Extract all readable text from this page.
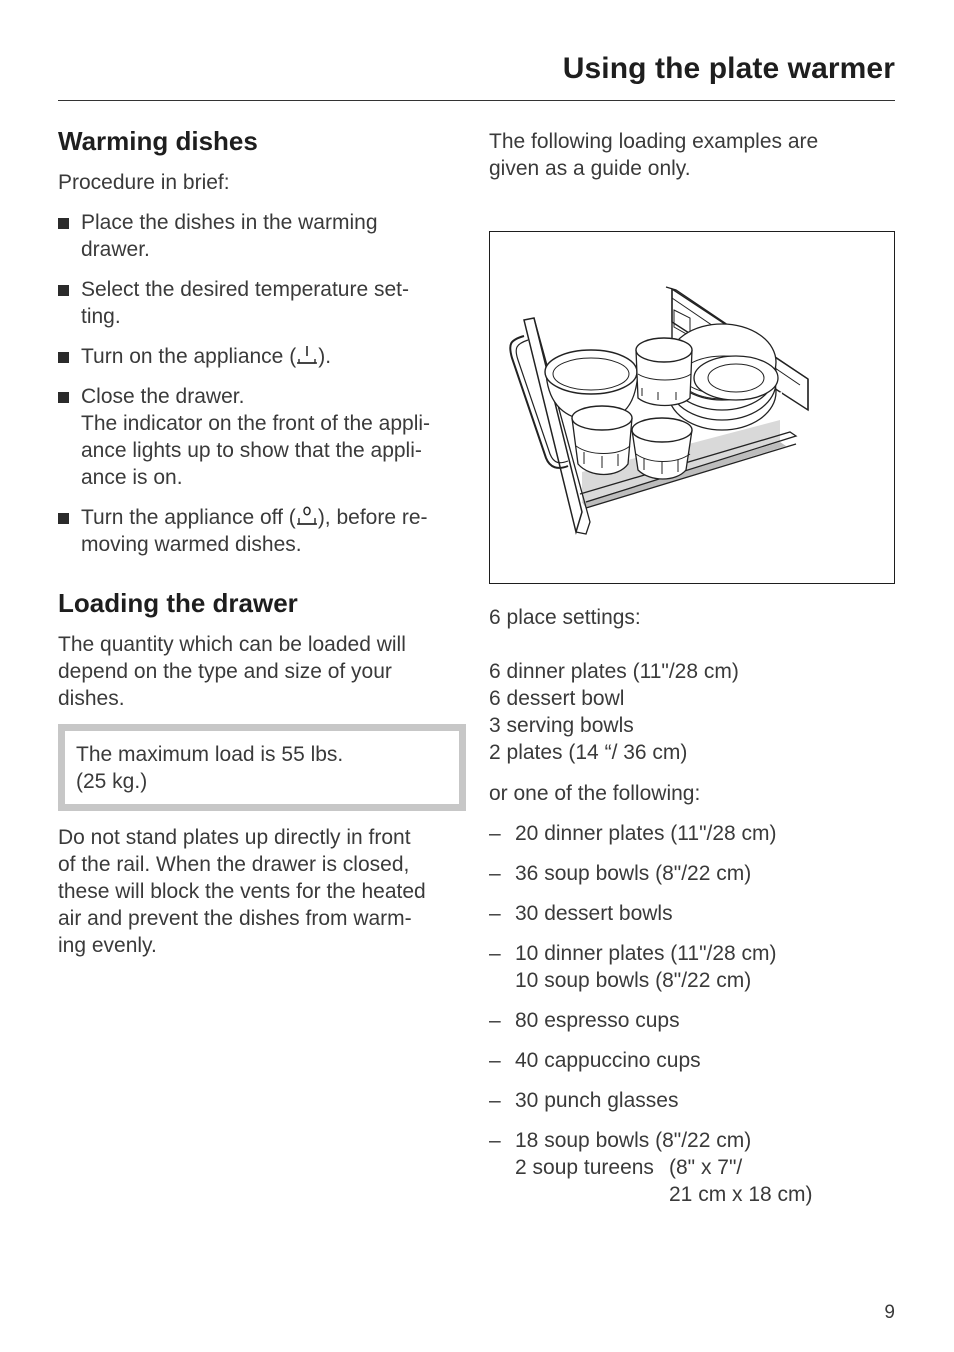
Using the plate warmer
Warming dishes
Procedure in brief:
Place the dishes in the warming
drawer.
Select the desired temperature set-
ting.
Turn on the appliance ( ).
Close the drawer.
The indicator on the front of the appli-
ance lights up to show that the appli-
ance is on.
Turn the appliance off ( ), before re-
moving warmed dishes.
Loading the drawer
The quantity which can be loaded will
depend on the type and size of your
dishes.
The maximum load is 55 lbs.
(25 kg.)
Do not stand plates up directly in front
of the rail. When the drawer is closed,
these will block the vents for the heated
air and prevent the dishes from warm-
ing evenly.
The following loading examples are
given as a guide only.
6 place settings:
6 dinner plates (11"/28 cm)
6 dessert bowl
3 serving bowls
2 plates (14 “/ 36 cm)
or one of the following:
– 20 dinner plates (11"/28 cm)
– 36 soup bowls (8"/22 cm)
– 30 dessert bowls
– 10 dinner plates (11"/28 cm)
10 soup bowls (8"/22 cm)
– 80 espresso cups
– 40 cappuccino cups
– 30 punch glasses
– 18 soup bowls (8"/22 cm)
2 soup tureens (8" x 7"/
21 cm x 18 cm)
9
